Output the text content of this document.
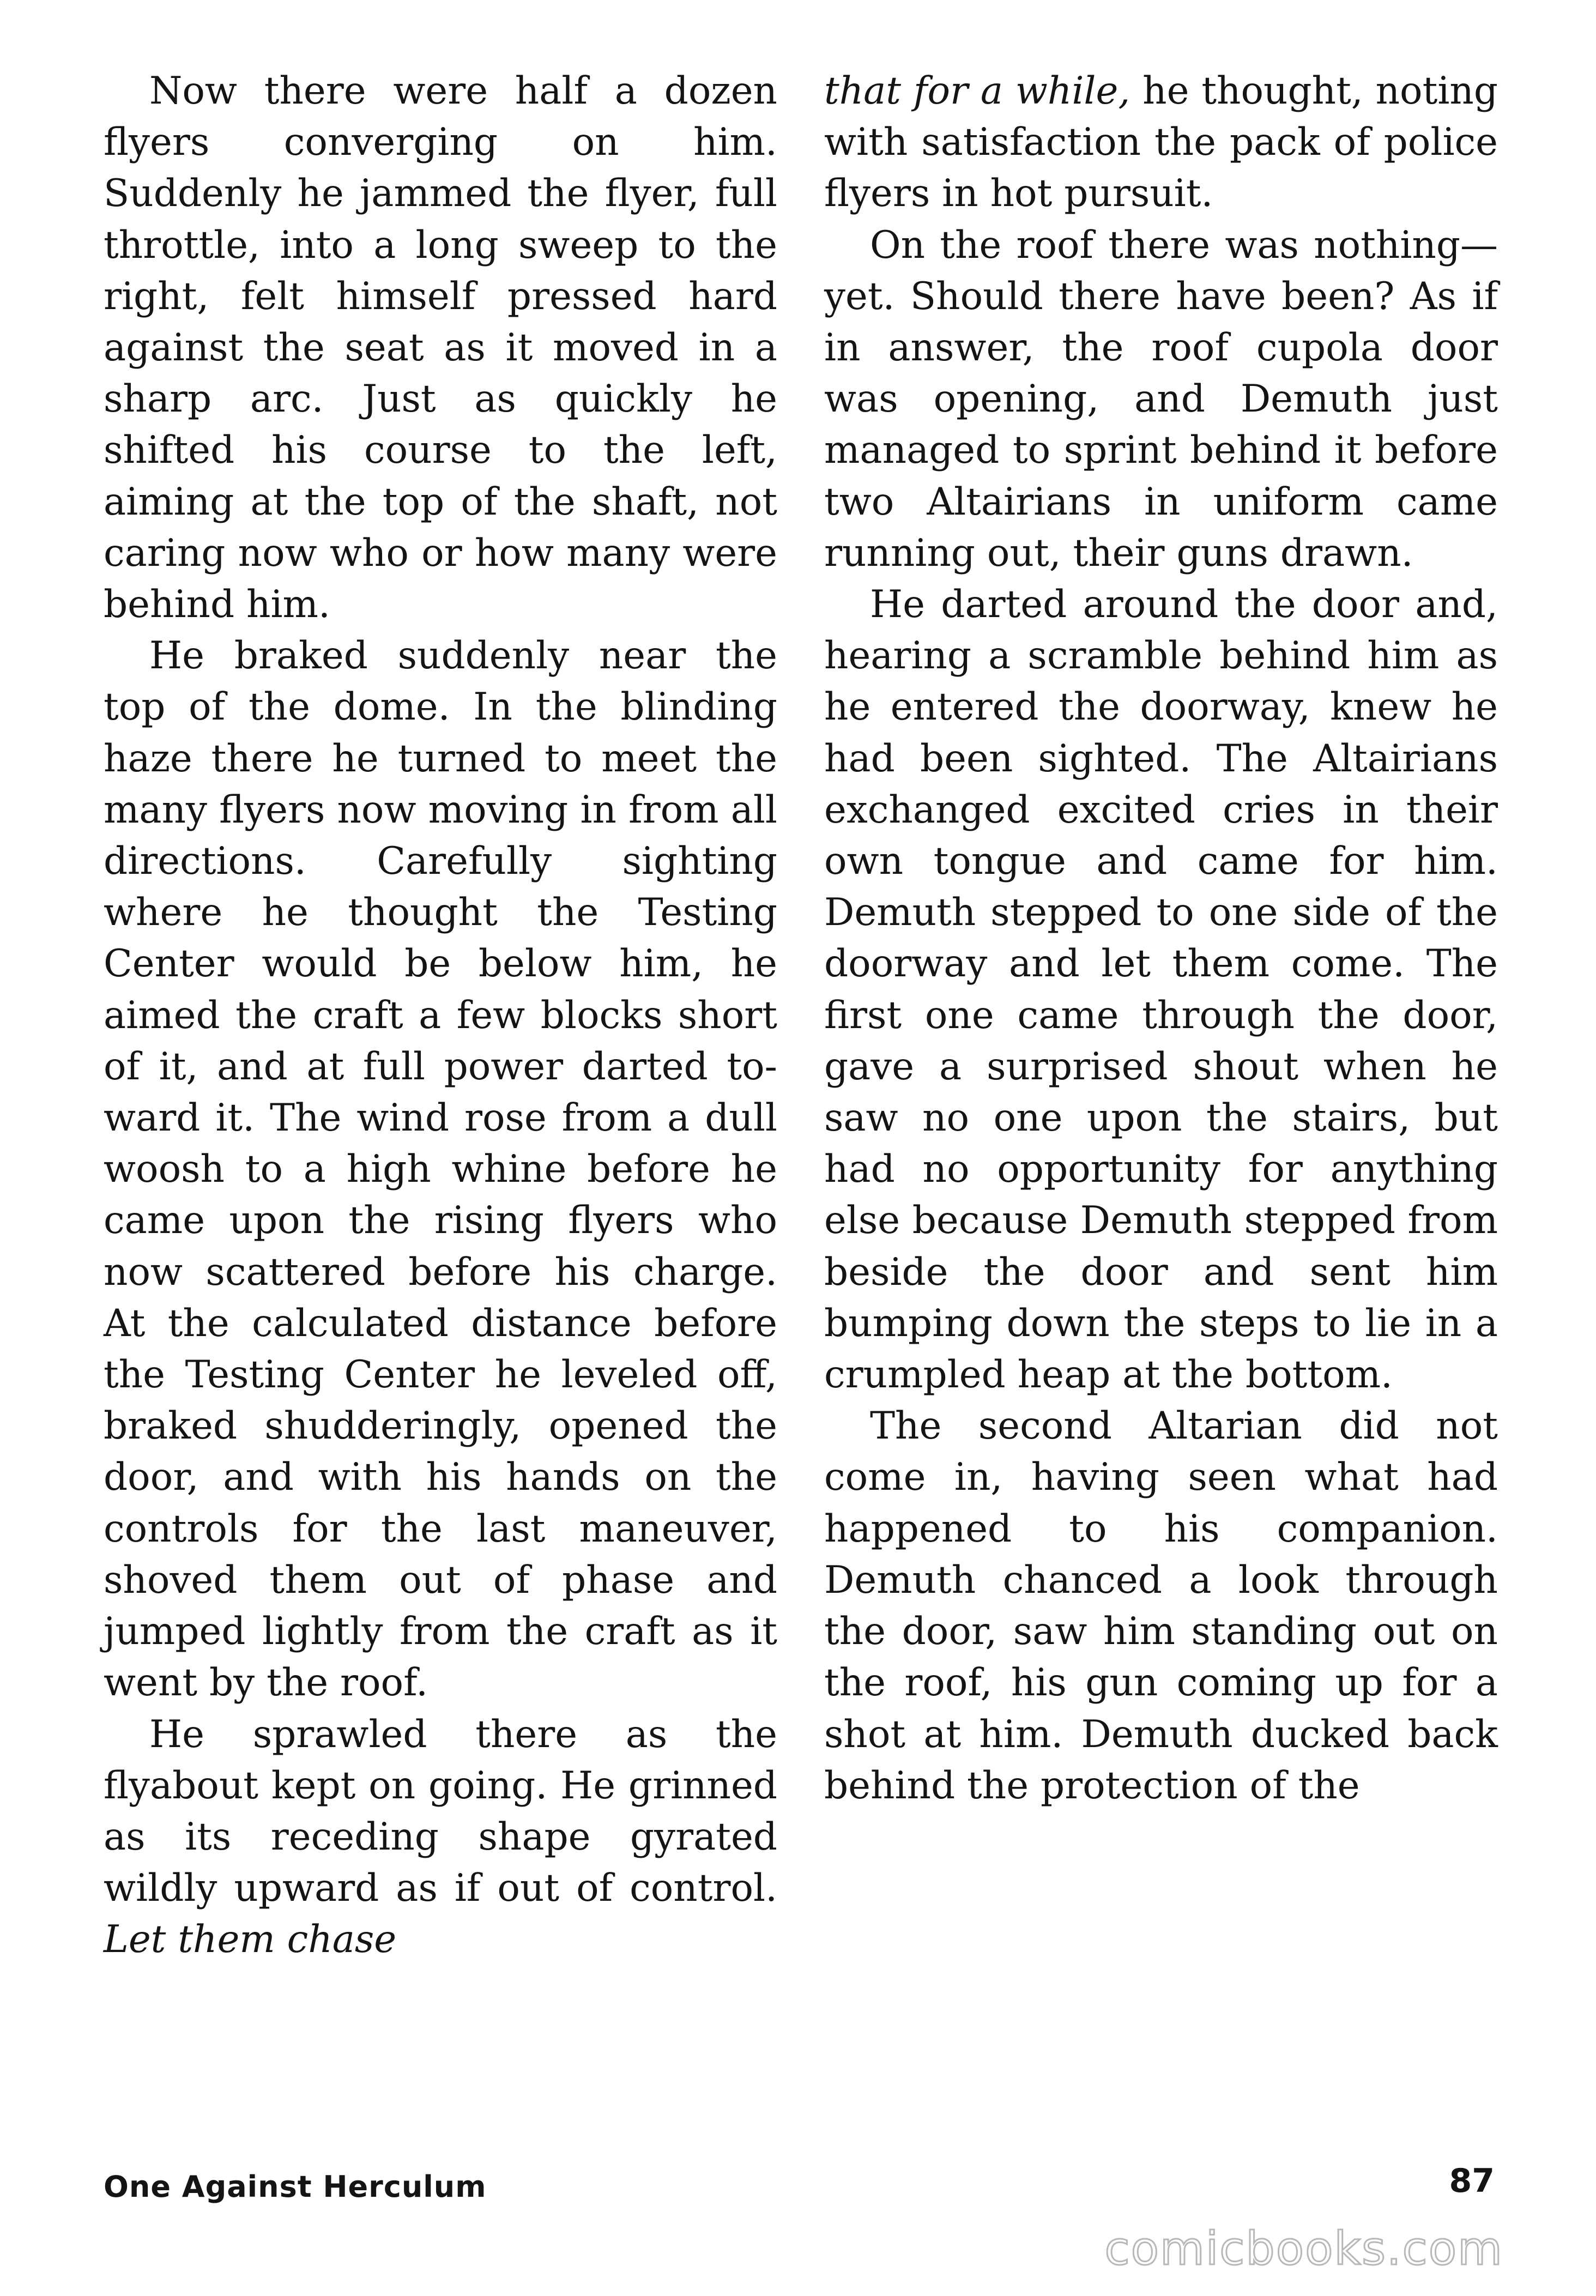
Now there were half a dozen flyers converging on him. Suddenly he jammed the flyer, full throttle, into a long sweep to the right, felt himself pressed hard against the seat as it moved in a sharp arc. Just as quickly he shifted his course to the left, aiming at the top of the shaft, not caring now who or how many were behind him.

He braked suddenly near the top of the dome. In the blinding haze there he turned to meet the many flyers now moving in from all directions. Carefully sighting where he thought the Testing Center would be below him, he aimed the craft a few blocks short of it, and at full power darted toward it. The wind rose from a dull woosh to a high whine before he came upon the rising flyers who now scattered before his charge. At the calculated distance before the Testing Center he leveled off, braked shudderingly, opened the door, and with his hands on the controls for the last maneuver, shoved them out of phase and jumped lightly from the craft as it went by the roof.

He sprawled there as the flyabout kept on going. He grinned as its receding shape gyrated wildly upward as if out of control. Let them chase

that for a while, he thought, noting with satisfaction the pack of police flyers in hot pursuit.

On the roof there was nothing—yet. Should there have been? As if in answer, the roof cupola door was opening, and Demuth just managed to sprint behind it before two Altairians in uniform came running out, their guns drawn.

He darted around the door and, hearing a scramble behind him as he entered the doorway, knew he had been sighted. The Altairians exchanged excited cries in their own tongue and came for him. Demuth stepped to one side of the doorway and let them come. The first one came through the door, gave a surprised shout when he saw no one upon the stairs, but had no opportunity for anything else because Demuth stepped from beside the door and sent him bumping down the steps to lie in a crumpled heap at the bottom.

The second Altarian did not come in, having seen what had happened to his companion. Demuth chanced a look through the door, saw him standing out on the roof, his gun coming up for a shot at him. Demuth ducked back behind the protection of the

One Against Herculum	87
comicbooks.com
